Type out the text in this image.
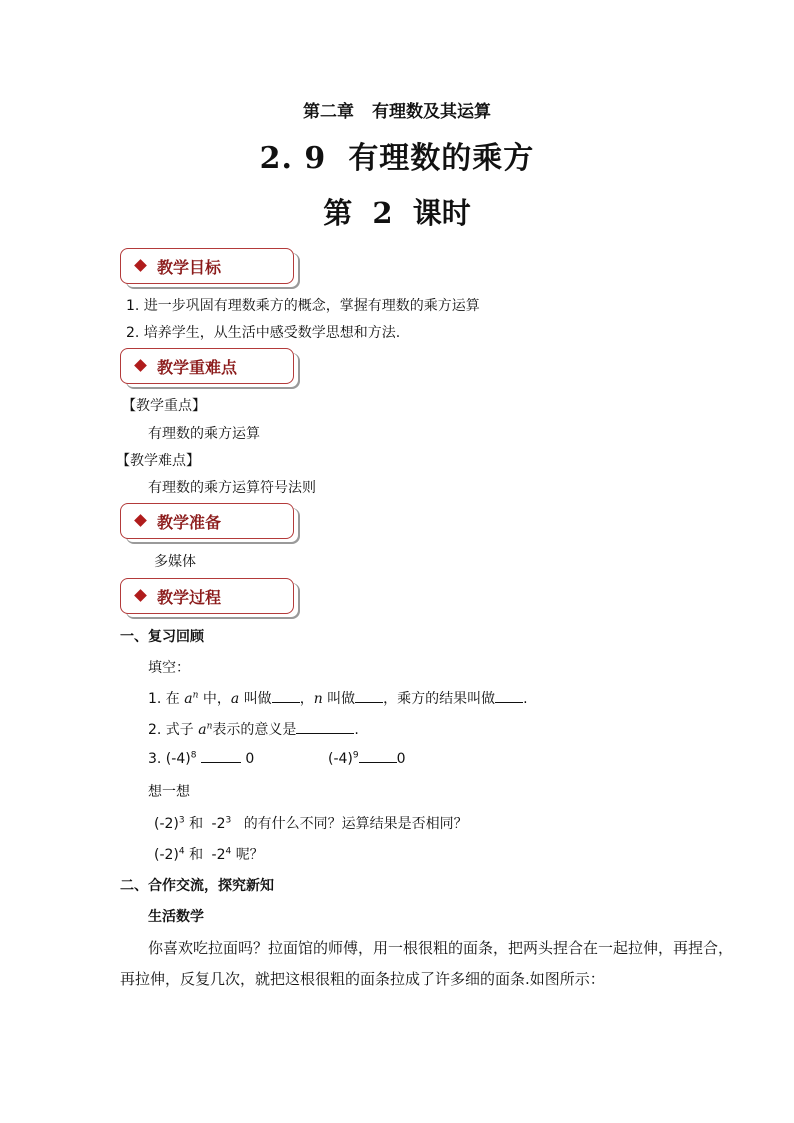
第二章 有理数及其运算
2. 9 有理数的乘方
第  2  课时
教学目标
1. 进一步巩固有理数乘方的概念，掌握有理数的乘方运算
2. 培养学生，从生活中感受数学思想和方法.
教学重难点
【教学重点】
有理数的乘方运算
【教学难点】
有理数的乘方运算符号法则
教学准备
多媒体
教学过程
一、复习回顾
填空：
1. 在 $a^n$ 中，a 叫做 ，n 叫做 ，乘方的结果叫做 .
2. 式子 $a^n$表示的意义是	.
3. $(-4)^8$	0	$(-4)^9$	0
想一想
$(-2)^3$ 和 $-2^3$ 的有什么不同？运算结果是否相同？
$(-2)^4$ 和 $-2^4$ 呢？
二、合作交流，探究新知
生活数学
你喜欢吃拉面吗？拉面馆的师傅，用一根很粗的面条，把两头捏合在一起拉伸，再捏合，
再拉伸，反复几次，就把这根很粗的面条拉成了许多细的面条.如图所示：
